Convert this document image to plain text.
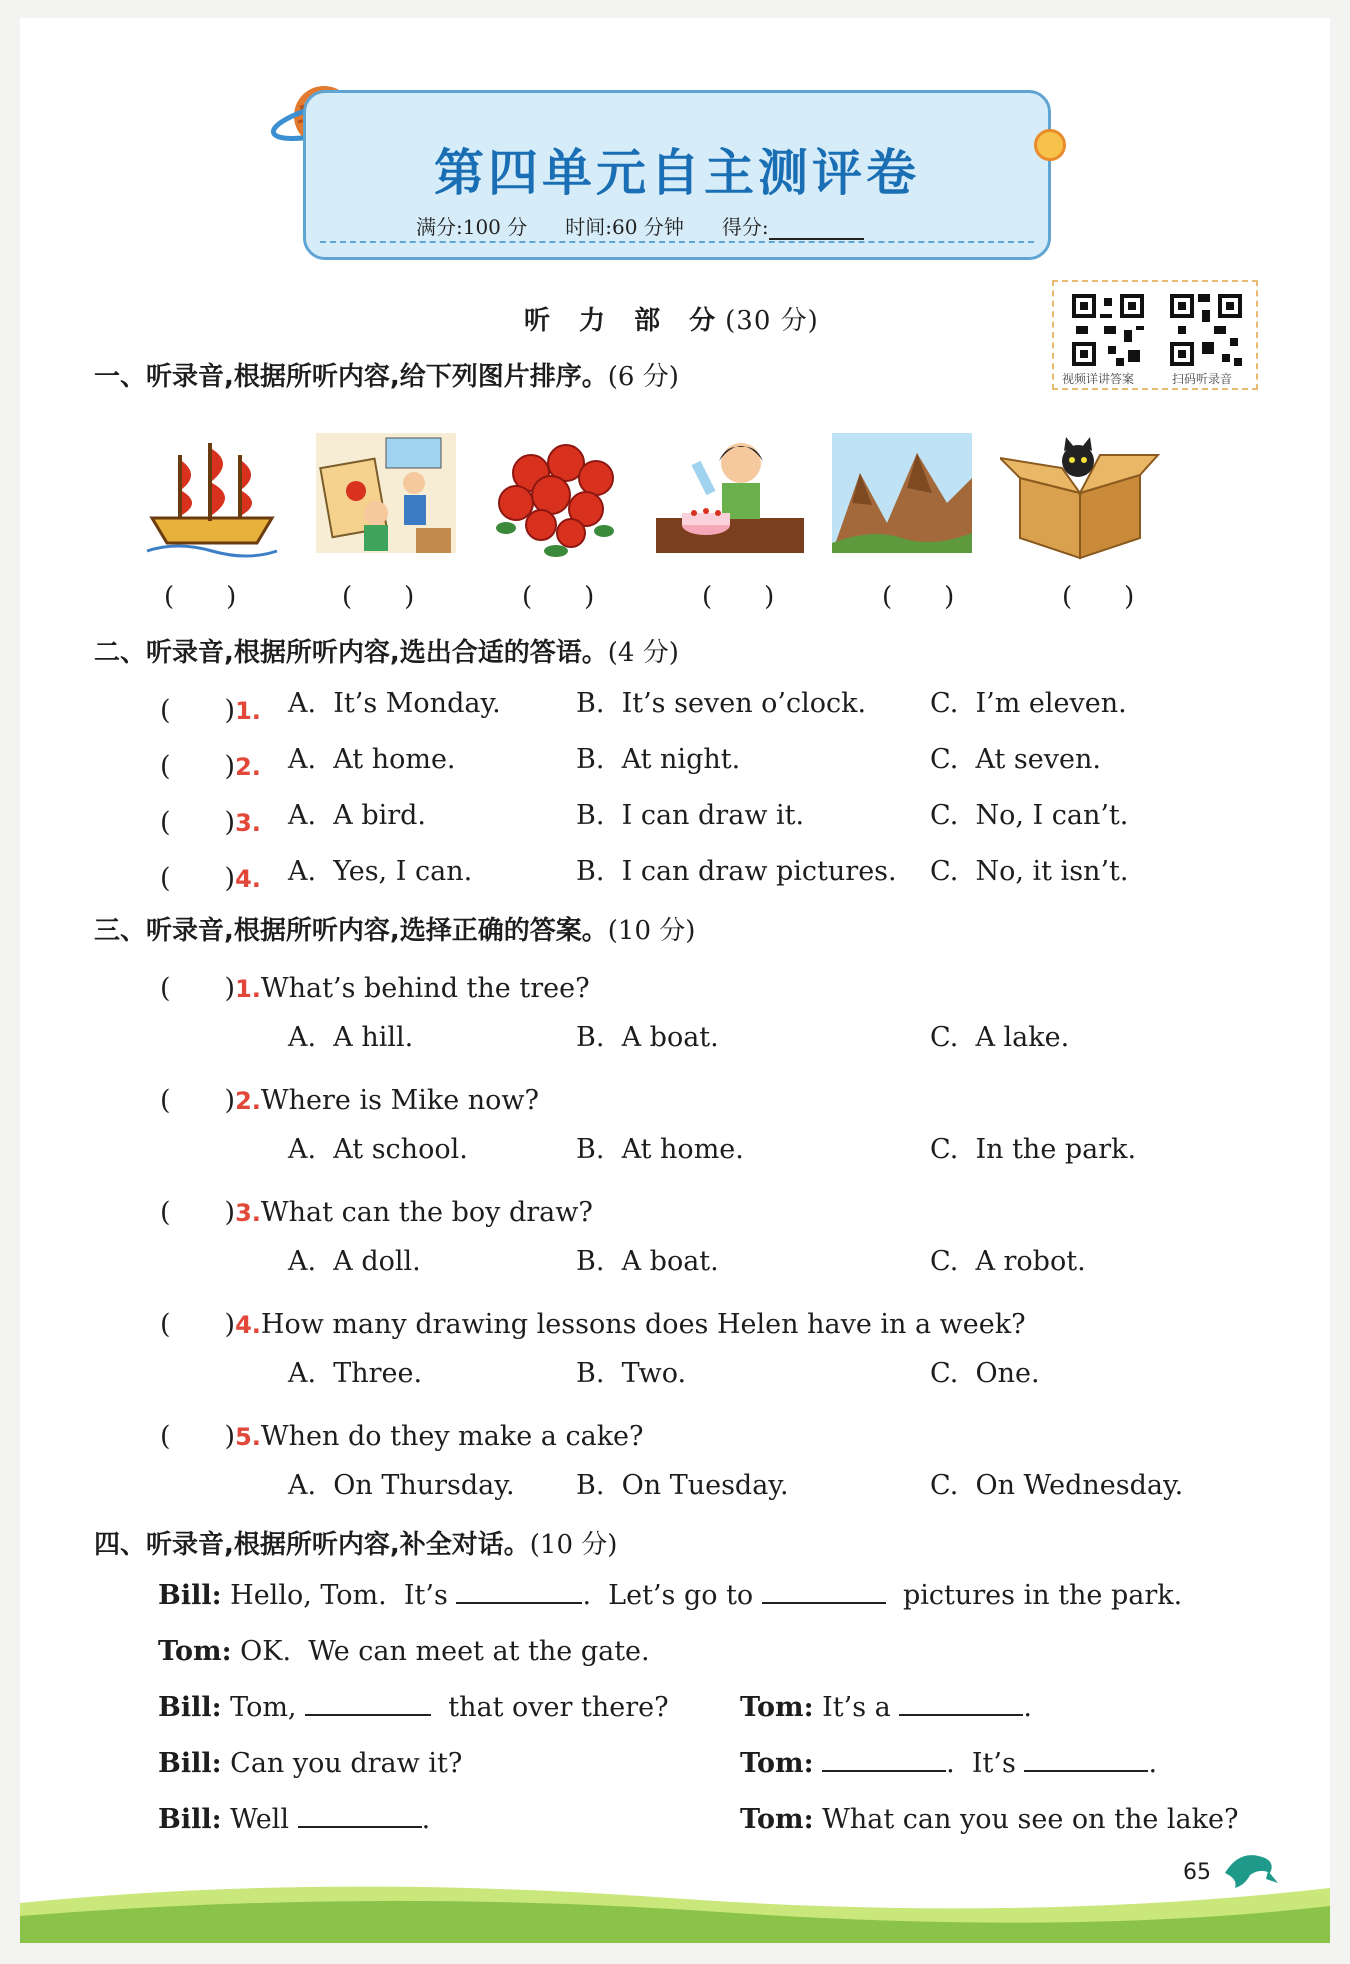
第四单元自主测评卷
满分:100 分 时间:60 分钟 得分:
视频详讲答案	扫码听录音
听 力 部 分(30 分)
一、听录音,根据所听内容,给下列图片排序。(6 分)
(　　)	(　　)	(　　)	(　　)	(　　)	(　　)
二、听录音,根据所听内容,选出合适的答语。(4 分)
(　　)1. A.  It’s Monday.	B.  It’s seven o’clock. C.  I’m eleven.
(　　)2. A.  At home.	B.  At night.	C.  At seven.
(　　)3. A.  A bird.	B.  I can draw it.	C.  No, I can’t.
(　　)4. A.  Yes, I can.	B.  I can draw pictures. C.  No, it isn’t.
三、听录音,根据所听内容,选择正确的答案。(10 分)
(　　)1.What’s behind the tree?
A.  A hill.	B.  A boat.	C.  A lake.
(　　)2.Where is Mike now?
A.  At school.	B.  At home.	C.  In the park.
(　　)3.What can the boy draw?
A.  A doll.	B.  A boat.	C.  A robot.
(　　)4.How many drawing lessons does Helen have in a week?
A.  Three.	B.  Two.	C.  One.
(　　)5.When do they make a cake?
A.  On Thursday. B.  On Tuesday.	C.  On Wednesday.
四、听录音,根据所听内容,补全对话。(10 分)
Bill: Hello, Tom.  It’s	.  Let’s go to	pictures in the park.
Tom: OK.  We can meet at the gate.
Bill: Tom,	that over there?	Tom: It’s a	.
Bill: Can you draw it?	Tom:	.  It’s	.
Bill: Well	.	Tom: What can you see on the lake?
65
